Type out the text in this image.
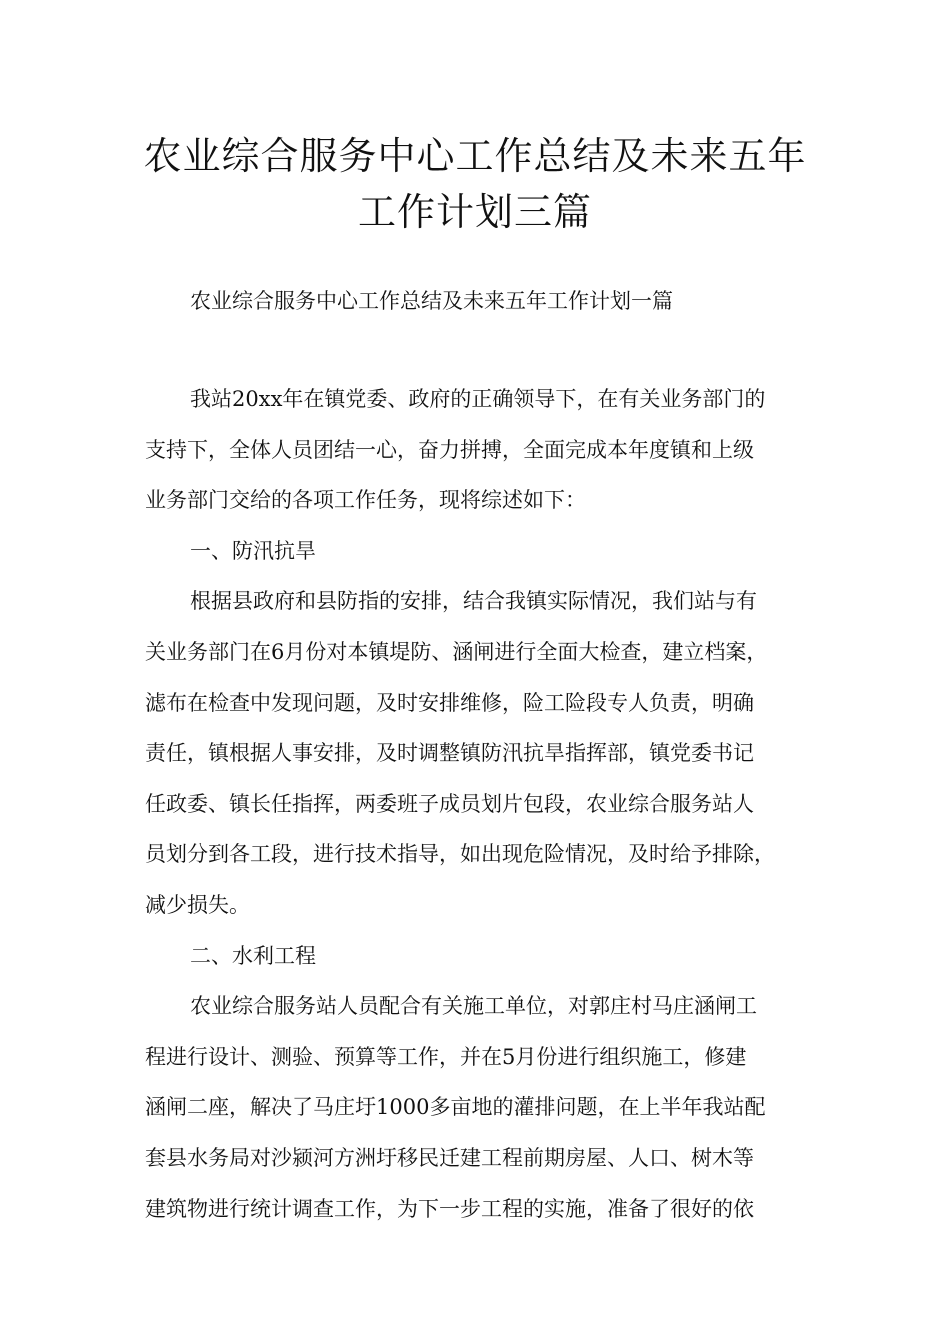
农业综合服务中心工作总结及未来五年
工作计划三篇

农业综合服务中心工作总结及未来五年工作计划一篇

我站20xx年在镇党委、政府的正确领导下，在有关业务部门的
支持下，全体人员团结一心，奋力拼搏，全面完成本年度镇和上级
业务部门交给的各项工作任务，现将综述如下：
一、防汛抗旱
根据县政府和县防指的安排，结合我镇实际情况，我们站与有
关业务部门在6月份对本镇堤防、涵闸进行全面大检查，建立档案，
滤布在检查中发现问题，及时安排维修，险工险段专人负责，明确
责任，镇根据人事安排，及时调整镇防汛抗旱指挥部，镇党委书记
任政委、镇长任指挥，两委班子成员划片包段，农业综合服务站人
员划分到各工段，进行技术指导，如出现危险情况，及时给予排除，
减少损失。
二、水利工程
农业综合服务站人员配合有关施工单位，对郭庄村马庄涵闸工
程进行设计、测验、预算等工作，并在5月份进行组织施工，修建
涵闸二座，解决了马庄圩1000多亩地的灌排问题，在上半年我站配
套县水务局对沙颍河方洲圩移民迁建工程前期房屋、人口、树木等
建筑物进行统计调查工作，为下一步工程的实施，准备了很好的依
